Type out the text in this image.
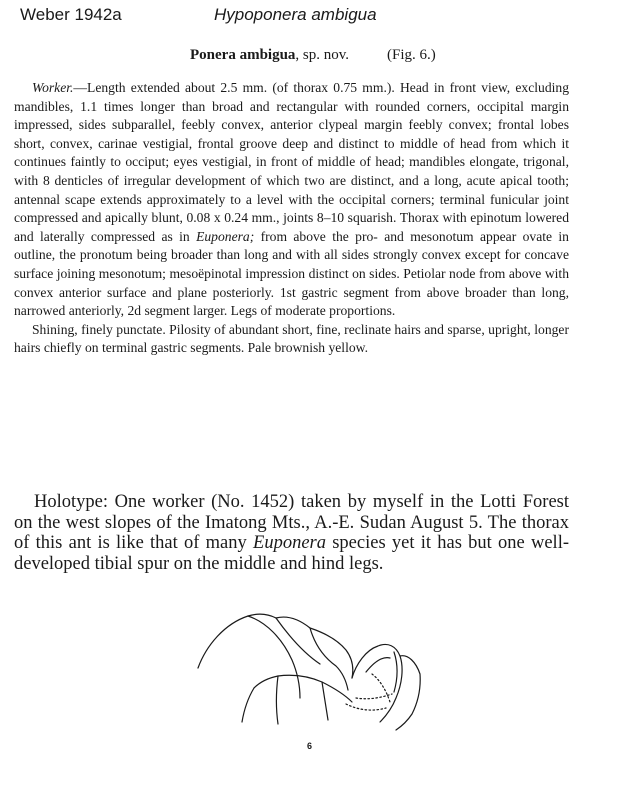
Weber 1942a	Hypoponera ambigua
Ponera ambigua, sp. nov.	(Fig. 6.)

Worker.—Length extended about 2.5 mm. (of thorax 0.75 mm.). Head in front view, excluding mandibles, 1.1 times longer than broad and rectangular with rounded corners, occipital margin impressed, sides subparallel, feebly convex, anterior clypeal margin feebly convex; frontal lobes short, convex, carinae vestigial, frontal groove deep and distinct to middle of head from which it continues faintly to occiput; eyes vestigial, in front of middle of head; mandibles elongate, trigonal, with 8 denticles of irregular development of which two are distinct, and a long, acute apical tooth; antennal scape extends approximately to a level with the occipital corners; terminal funicular joint compressed and apically blunt, 0.08 x 0.24 mm., joints 8–10 squarish. Thorax with epinotum lowered and laterally compressed as in Euponera; from above the pro- and mesonotum appear ovate in outline, the pronotum being broader than long and with all sides strongly convex except for concave surface joining mesonotum; mesoëpinotal impression distinct on sides. Petiolar node from above with convex anterior surface and plane posteriorly. 1st gastric segment from above broader than long, narrowed anteriorly, 2d segment larger. Legs of moderate proportions.

Shining, finely punctate. Pilosity of abundant short, fine, reclinate hairs and sparse, upright, longer hairs chiefly on terminal gastric segments. Pale brownish yellow.

Holotype: One worker (No. 1452) taken by myself in the Lotti Forest on the west slopes of the Imatong Mts., A.-E. Sudan August 5. The thorax of this ant is like that of many Euponera species yet it has but one well-developed tibial spur on the middle and hind legs.
6
